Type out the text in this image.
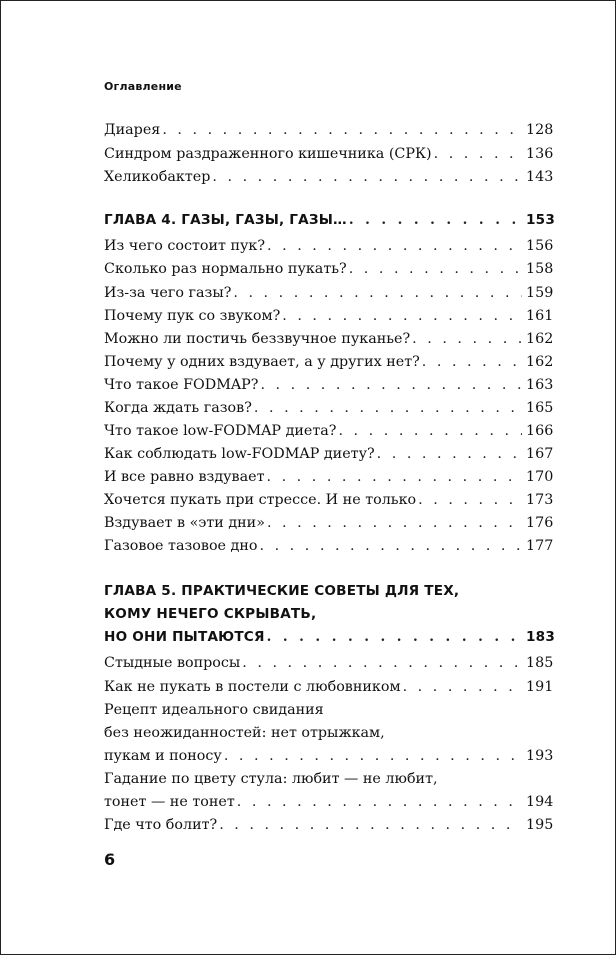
Оглавление
Диарея . . .	128
Синдром раздраженного кишечника (СРК) . . .	136
Хеликобактер . . .	143
ГЛАВА 4. ГАЗЫ, ГАЗЫ, ГАЗЫ… . . .	153
Из чего состоит пук? . . .	156
Сколько раз нормально пукать? . . .	158
Из-за чего газы? . . .	159
Почему пук со звуком? . . .	161
Можно ли постичь беззвучное пуканье? . . .	162
Почему у одних вздувает, а у других нет? . . .	162
Что такое FODMAP? . . .	163
Когда ждать газов? . . .	165
Что такое low-FODMAP диета? . . .	166
Как соблюдать low-FODMAP диету? . . .	167
И все равно вздувает . . .	170
Хочется пукать при стрессе. И не только . . .	173
Вздувает в «эти дни» . . .	176
Газовое тазовое дно . . .	177
ГЛАВА 5. ПРАКТИЧЕСКИЕ СОВЕТЫ ДЛЯ ТЕХ,
КОМУ НЕЧЕГО СКРЫВАТЬ,
НО ОНИ ПЫТАЮТСЯ . . .	183
Стыдные вопросы . . .	185
Как не пукать в постели с любовником . . .	191
Рецепт идеального свидания
без неожиданностей: нет отрыжкам,
пукам и поносу . . .	193
Гадание по цвету стула: любит — не любит,
тонет — не тонет . . .	194
Где что болит? . . .	195
6
